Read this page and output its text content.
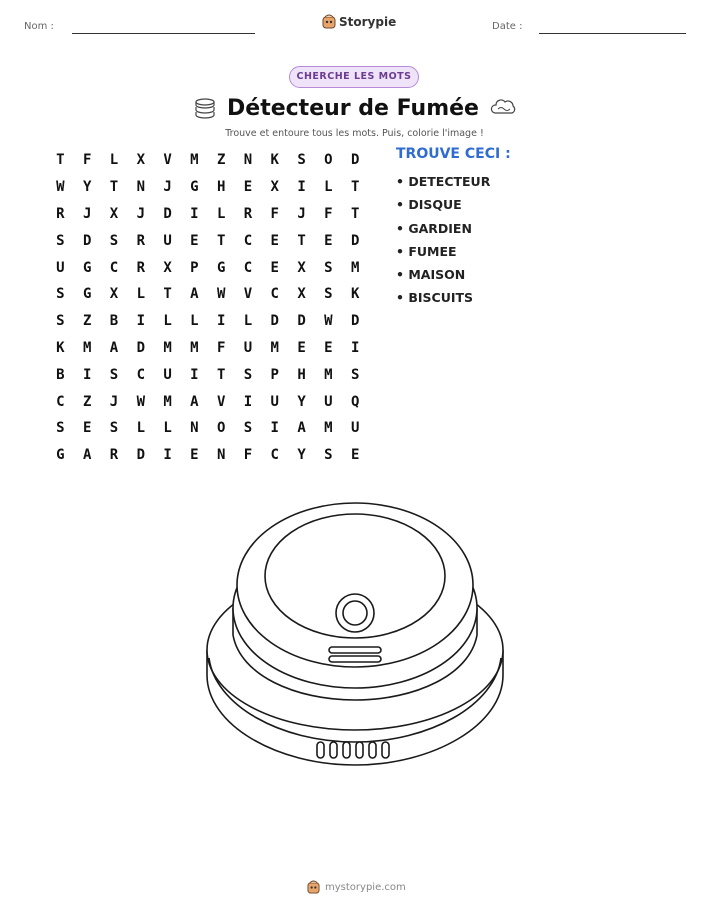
Nom :	Storypie	Date :
CHERCHE LES MOTS
Détecteur de Fumée
Trouve et entoure tous les mots. Puis, colorie l'image !
T	F	L	X	V	M	Z	N	K	S	O	D
W	Y	T	N	J	G	H	E	X	I	L	T
R	J	X	J	D	I	L	R	F	J	F	T
S	D	S	R	U	E	T	C	E	T	E	D
U	G	C	R	X	P	G	C	E	X	S	M
S	G	X	L	T	A	W	V	C	X	S	K
S	Z	B	I	L	L	I	L	D	D	W	D
K	M	A	D	M	M	F	U	M	E	E	I
B	I	S	C	U	I	T	S	P	H	M	S
C	Z	J	W	M	A	V	I	U	Y	U	Q
S	E	S	L	L	N	O	S	I	A	M	U
G	A	R	D	I	E	N	F	C	Y	S	E
TROUVE CECI :
• DETECTEUR
• DISQUE
• GARDIEN
• FUMEE
• MAISON
• BISCUITS
mystorypie.com
